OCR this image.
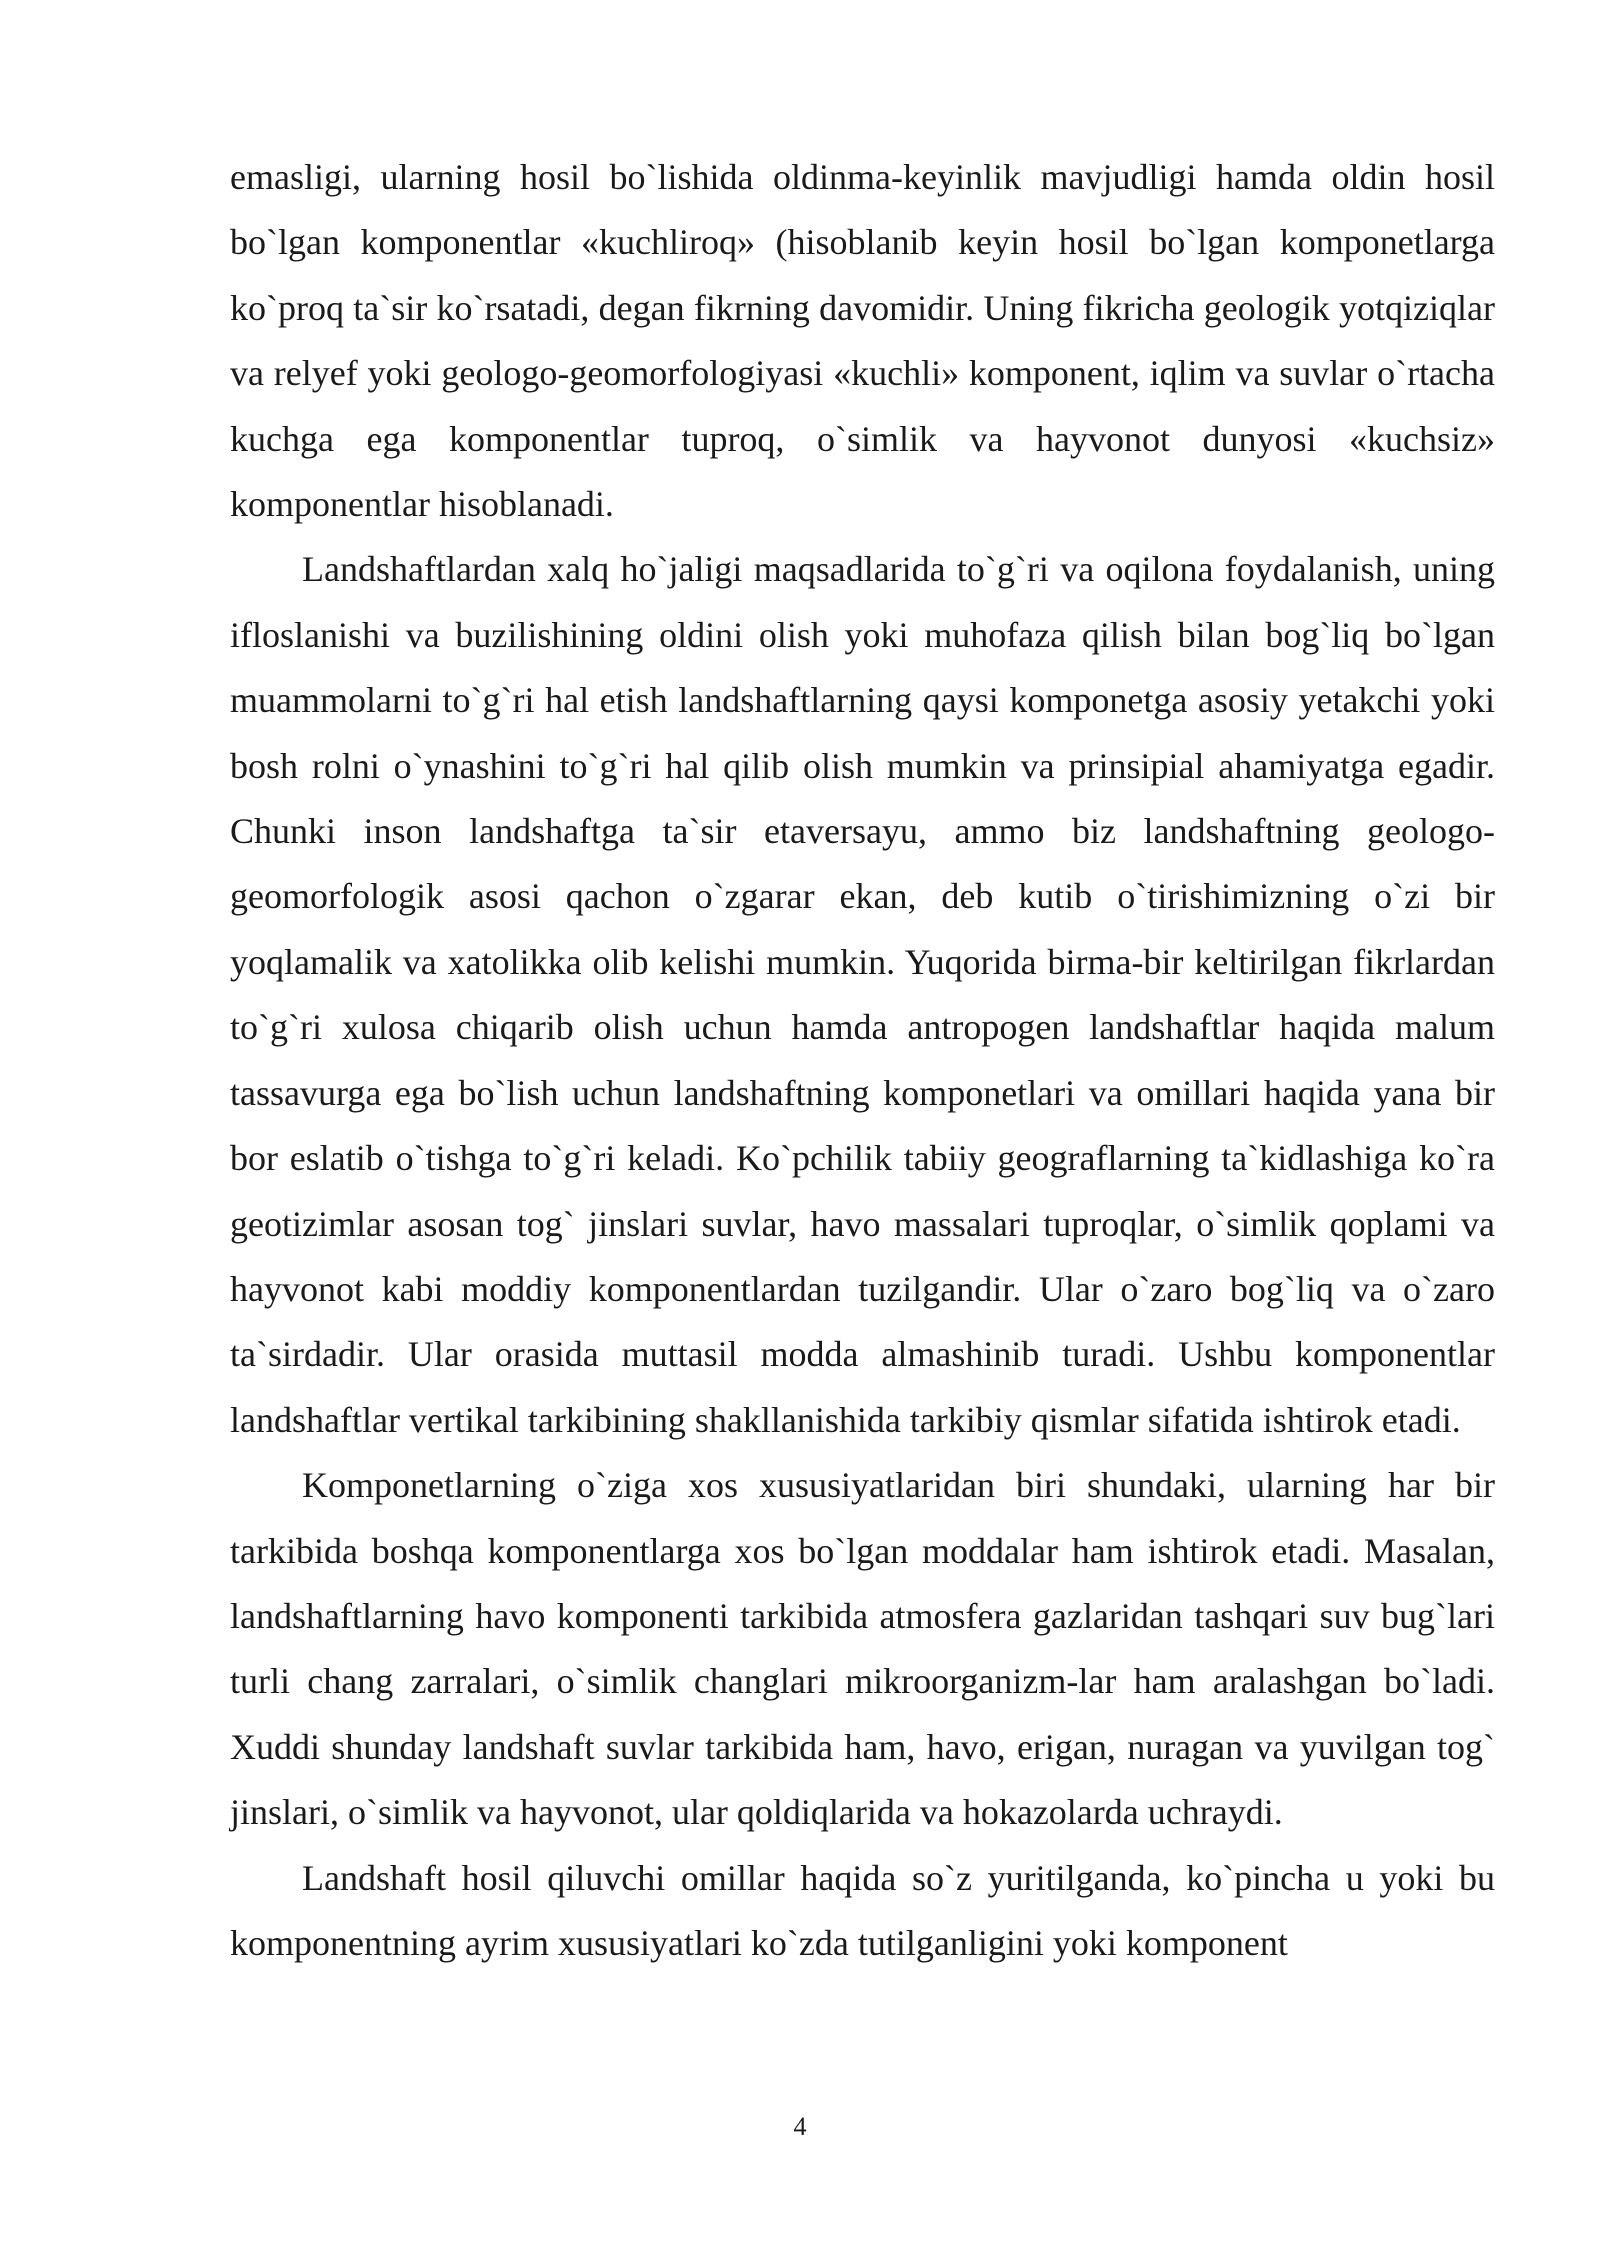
emasligi, ularning hosil bo`lishida oldinma-keyinlik mavjudligi hamda oldin hosil bo`lgan komponentlar «kuchliroq» (hisoblanib keyin hosil bo`lgan komponetlarga ko`proq ta`sir ko`rsatadi, degan fikrning davomidir. Uning fikricha geologik yotqiziqlar va relyef yoki geologo-geomorfologiyasi «kuchli» komponent, iqlim va suvlar o`rtacha kuchga ega komponentlar tuproq, o`simlik va hayvonot dunyosi «kuchsiz» komponentlar hisoblanadi.

Landshaftlardan xalq ho`jaligi maqsadlarida to`g`ri va oqilona foydalanish, uning ifloslanishi va buzilishining oldini olish yoki muhofaza qilish bilan bog`liq bo`lgan muammolarni to`g`ri hal etish landshaftlarning qaysi komponetga asosiy yetakchi yoki bosh rolni o`ynashini to`g`ri hal qilib olish mumkin va prinsipial ahamiyatga egadir. Chunki inson landshaftga ta`sir etaversayu, ammo biz landshaftning geologo-geomorfologik asosi qachon o`zgarar ekan, deb kutib o`tirishimizning o`zi bir yoqlamalik va xatolikka olib kelishi mumkin. Yuqorida birma-bir keltirilgan fikrlardan to`g`ri xulosa chiqarib olish uchun hamda antropogen landshaftlar haqida malum tassavurga ega bo`lish uchun landshaftning komponetlari va omillari haqida yana bir bor eslatib o`tishga to`g`ri keladi. Ko`pchilik tabiiy geograflarning ta`kidlashiga ko`ra geotizimlar asosan tog` jinslari suvlar, havo massalari tuproqlar, o`simlik qoplami va hayvonot kabi moddiy komponentlardan tuzilgandir. Ular o`zaro bog`liq va o`zaro ta`sirdadir. Ular orasida muttasil modda almashinib turadi. Ushbu komponentlar landshaftlar vertikal tarkibining shakllanishida tarkibiy qismlar sifatida ishtirok etadi.

Komponetlarning o`ziga xos xususiyatlaridan biri shundaki, ularning har bir tarkibida boshqa komponentlarga xos bo`lgan moddalar ham ishtirok etadi. Masalan, landshaftlarning havo komponenti tarkibida atmosfera gazlaridan tashqari suv bug`lari turli chang zarralari, o`simlik changlari mikroorganizm-lar ham aralashgan bo`ladi. Xuddi shunday landshaft suvlar tarkibida ham, havo, erigan, nuragan va yuvilgan tog` jinslari, o`simlik va hayvonot, ular qoldiqlarida va hokazolarda uchraydi.

Landshaft hosil qiluvchi omillar haqida so`z yuritilganda, ko`pincha u yoki bu komponentning ayrim xususiyatlari ko`zda tutilganligini yoki komponent

4
